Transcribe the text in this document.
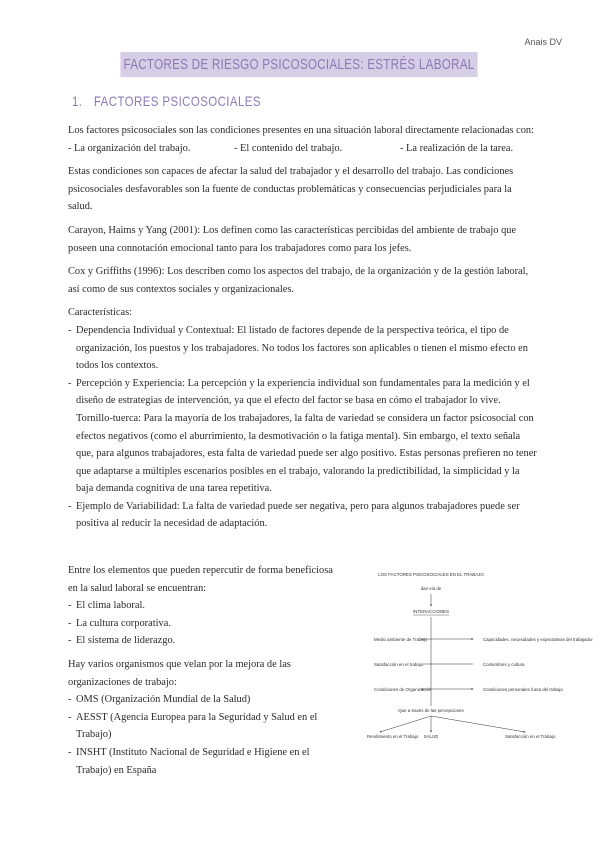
Anais DV
FACTORES DE RIESGO PSICOSOCIALES: ESTRÉS LABORAL
1. FACTORES PSICOSOCIALES

Los factores psicosociales son las condiciones presentes en una situación laboral directamente relacionadas con:

- La organización del trabajo.	- El contenido del trabajo.	- La realización de la tarea.

Estas condiciones son capaces de afectar la salud del trabajador y el desarrollo del trabajo. Las condiciones psicosociales desfavorables son la fuente de conductas problemáticas y consecuencias perjudiciales para la salud.

Carayon, Haims y Yang (2001): Los definen como las características percibidas del ambiente de trabajo que poseen una connotación emocional tanto para los trabajadores como para los jefes.

Cox y Griffiths (1996): Los describen como los aspectos del trabajo, de la organización y de la gestión laboral, así como de sus contextos sociales y organizacionales.

Características:

- Dependencia Individual y Contextual: El listado de factores depende de la perspectiva teórica, el tipo de organización, los puestos y los trabajadores. No todos los factores son aplicables o tienen el mismo efecto en todos los contextos.
- Percepción y Experiencia: La percepción y la experiencia individual son fundamentales para la medición y el diseño de estrategias de intervención, ya que el efecto del factor se basa en cómo el trabajador lo vive. Tornillo-tuerca: Para la mayoría de los trabajadores, la falta de variedad se considera un factor psicosocial con efectos negativos (como el aburrimiento, la desmotivación o la fatiga mental). Sin embargo, el texto señala que, para algunos trabajadores, esta falta de variedad puede ser algo positivo. Estas personas prefieren no tener que adaptarse a múltiples escenarios posibles en el trabajo, valorando la predictibilidad, la simplicidad y la baja demanda cognitiva de una tarea repetitiva.
- Ejemplo de Variabilidad: La falta de variedad puede ser negativa, pero para algunos trabajadores puede ser positiva al reducir la necesidad de adaptación.

Entre los elementos que pueden repercutir de forma beneficiosa en la salud laboral se encuentran:

- El clima laboral.
- La cultura corporativa.
- El sistema de liderazgo.

Hay varios organismos que velan por la mejora de las organizaciones de trabajo:

- OMS (Organización Mundial de la Salud)
- AESST (Agencia Europea para la Seguridad y Salud en el Trabajo)
- INSHT (Instituto Nacional de Seguridad e Higiene en el Trabajo) en España
LOS FACTORES PSICOSOCIALES EN EL TRABAJO
dan vía de
INTERACCIONES
Medio ambiente de Trabajo
Satisfacción en el trabajo
Condiciones de Organización
Capacidades, necesidades y expectativas del trabajador
Costumbres y cultura
Condiciones personales fuera del trabajo
Que a través de las percepciones
Rendimiento en el Trabajo SALUD	Satisfacción en el Trabajo
